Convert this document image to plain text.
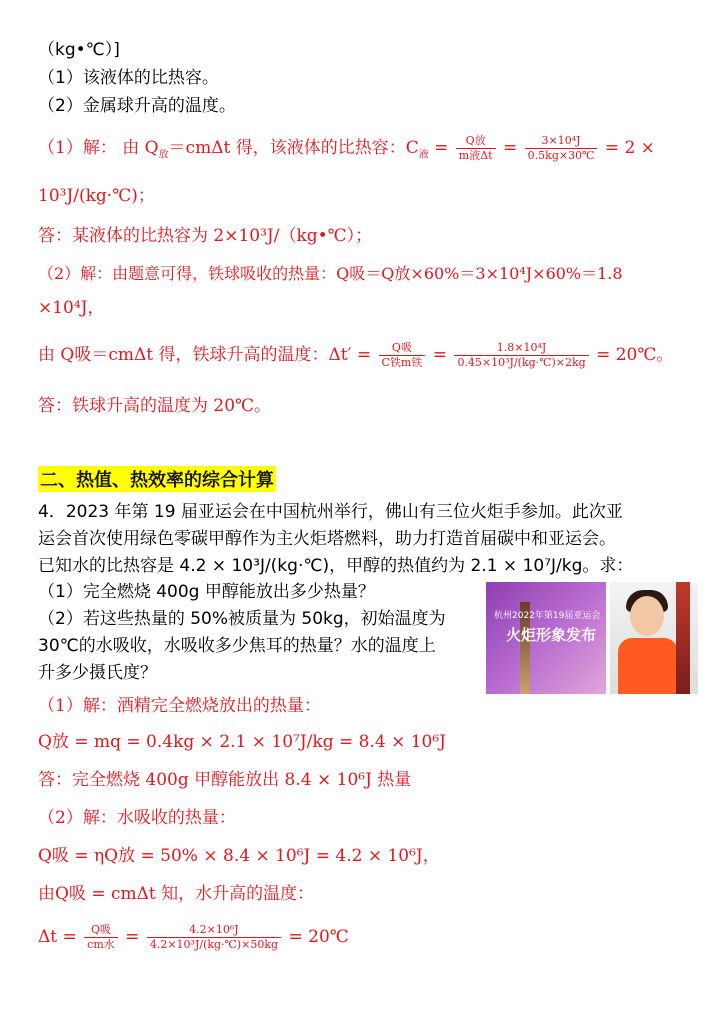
（kg•℃）]
（1）该液体的比热容。
（2）金属球升高的温度。
（1）解： 由 $Q_放=cm\Delta t$ 得，该液体的比热容：$C_液 = \frac{\text{Q放}}{\text{m液Δt}} = \frac{\text{3×10⁴J}}{0.5kg\times 30℃} = 2$ ×
10³J/(kg·℃)；
答：某液体的比热容为 2×10³J/（kg•℃）；
（2）解：由题意可得，铁球吸收的热量：Q吸＝Q放×60%＝3×10⁴J×60%＝1.8
×10⁴J，
由 Q吸＝cmΔt 得，铁球升高的温度：$\Delta t' = \frac{\text{Q吸}}{\text{C铁m铁}} = \frac{\text{1.8×10⁴J}}{\text{0.45×10³J/(kg·℃)×2kg}}$ = 20℃。
答：铁球升高的温度为 20℃。
二、热值、热效率的综合计算
4．2023 年第 19 届亚运会在中国杭州举行，佛山有三位火炬手参加。此次亚
运会首次使用绿色零碳甲醇作为主火炬塔燃料，助力打造首届碳中和亚运会。
已知水的比热容是 4.2 × 10³J/(kg·℃)，甲醇的热值约为 2.1 × 10⁷J/kg。求：
（1）完全燃烧 400g 甲醇能放出多少热量？
（2）若这些热量的 50%被质量为 50kg，初始温度为
30℃的水吸收，水吸收多少焦耳的热量？水的温度上
升多少摄氏度？
杭州2022年第19届亚运会
火炬形象发布
（1）解：酒精完全燃烧放出的热量：
Q放 = mq = 0.4kg × 2.1 × 10⁷J/kg = 8.4 × 10⁶J
答：完全燃烧 400g 甲醇能放出 8.4 × 10⁶J 热量
（2）解：水吸收的热量：
Q吸 = ηQ放 = 50% × 8.4 × 10⁶J = 4.2 × 10⁶J，
由Q吸 = cmΔt 知，水升高的温度：
$\Delta t = \frac{\text{Q吸}}{\text{cm水}} = \frac{\text{4.2×10⁶J}}{\text{4.2×10³J/(kg·℃)×50kg}}$ = 20℃
